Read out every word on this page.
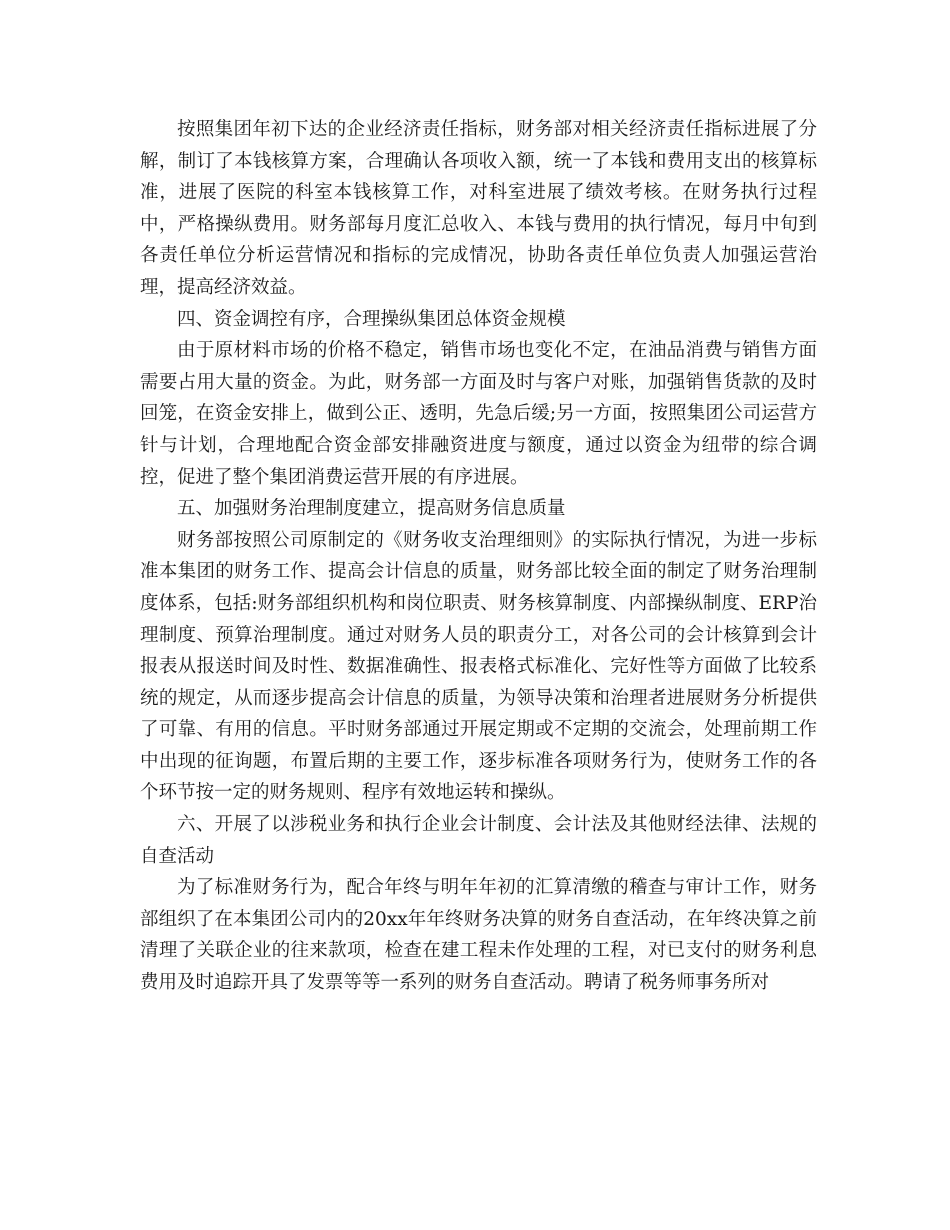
按照集团年初下达的企业经济责任指标，财务部对相关经济责任指标进展了分解，制订了本钱核算方案，合理确认各项收入额，统一了本钱和费用支出的核算标准，进展了医院的科室本钱核算工作，对科室进展了绩效考核。在财务执行过程中，严格操纵费用。财务部每月度汇总收入、本钱与费用的执行情况，每月中旬到各责任单位分析运营情况和指标的完成情况，协助各责任单位负责人加强运营治理，提高经济效益。

四、资金调控有序，合理操纵集团总体资金规模

由于原材料市场的价格不稳定，销售市场也变化不定，在油品消费与销售方面需要占用大量的资金。为此，财务部一方面及时与客户对账，加强销售货款的及时回笼，在资金安排上，做到公正、透明，先急后缓;另一方面，按照集团公司运营方针与计划，合理地配合资金部安排融资进度与额度，通过以资金为纽带的综合调控，促进了整个集团消费运营开展的有序进展。

五、加强财务治理制度建立，提高财务信息质量

财务部按照公司原制定的《财务收支治理细则》的实际执行情况，为进一步标准本集团的财务工作、提高会计信息的质量，财务部比较全面的制定了财务治理制度体系，包括:财务部组织机构和岗位职责、财务核算制度、内部操纵制度、ERP治理制度、预算治理制度。通过对财务人员的职责分工，对各公司的会计核算到会计报表从报送时间及时性、数据准确性、报表格式标准化、完好性等方面做了比较系统的规定，从而逐步提高会计信息的质量，为领导决策和治理者进展财务分析提供了可靠、有用的信息。平时财务部通过开展定期或不定期的交流会，处理前期工作中出现的征询题，布置后期的主要工作，逐步标准各项财务行为，使财务工作的各个环节按一定的财务规则、程序有效地运转和操纵。

六、开展了以涉税业务和执行企业会计制度、会计法及其他财经法律、法规的自查活动

为了标准财务行为，配合年终与明年年初的汇算清缴的稽查与审计工作，财务部组织了在本集团公司内的20xx年年终财务决算的财务自查活动，在年终决算之前清理了关联企业的往来款项，检查在建工程未作处理的工程，对已支付的财务利息费用及时追踪开具了发票等等一系列的财务自查活动。聘请了税务师事务所对
